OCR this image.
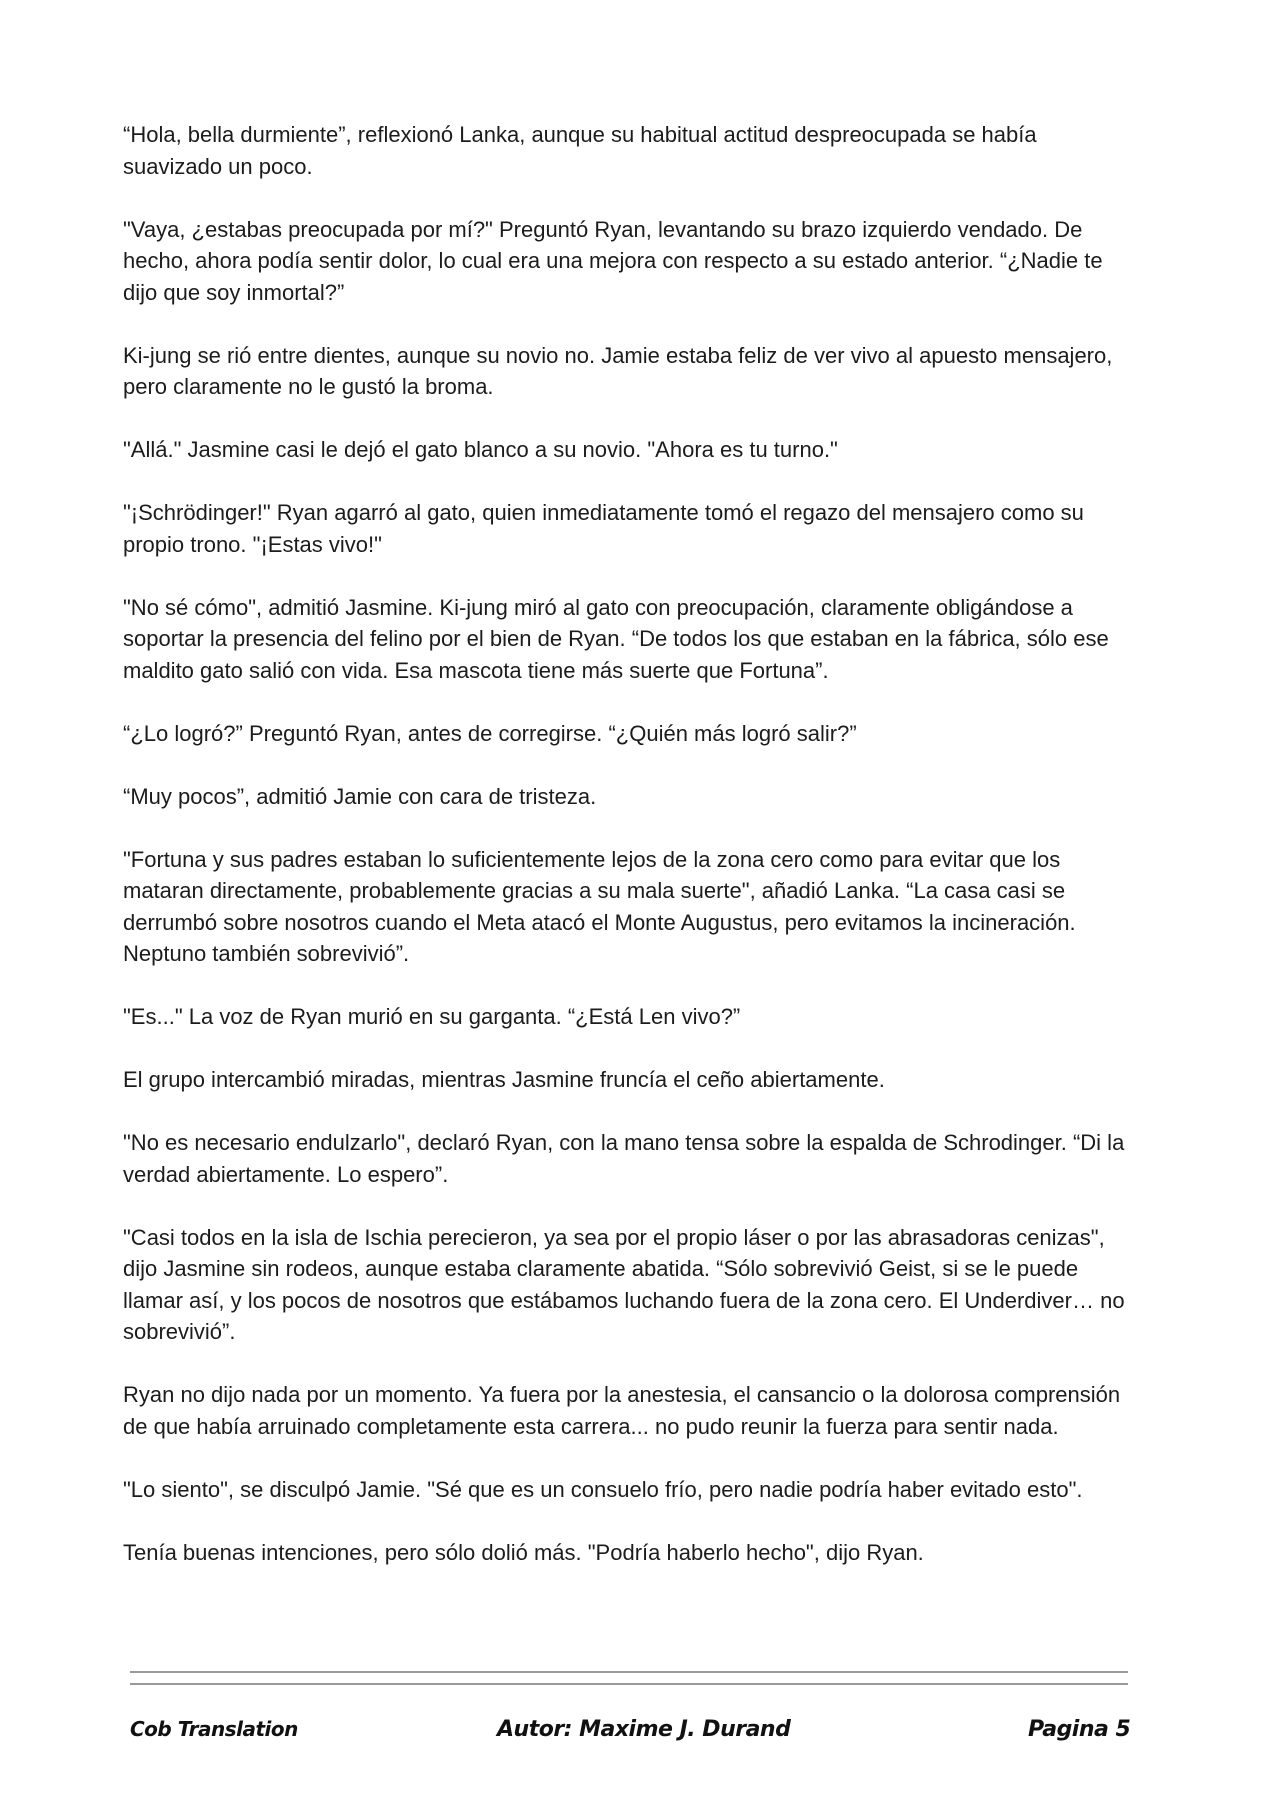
“Hola, bella durmiente”, reflexionó Lanka, aunque su habitual actitud despreocupada se había suavizado un poco.

"Vaya, ¿estabas preocupada por mí?" Preguntó Ryan, levantando su brazo izquierdo vendado. De hecho, ahora podía sentir dolor, lo cual era una mejora con respecto a su estado anterior. “¿Nadie te dijo que soy inmortal?”

Ki-jung se rió entre dientes, aunque su novio no. Jamie estaba feliz de ver vivo al apuesto mensajero, pero claramente no le gustó la broma.

"Allá." Jasmine casi le dejó el gato blanco a su novio. "Ahora es tu turno."

"¡Schrödinger!" Ryan agarró al gato, quien inmediatamente tomó el regazo del mensajero como su propio trono. "¡Estas vivo!"

"No sé cómo", admitió Jasmine. Ki-jung miró al gato con preocupación, claramente obligándose a soportar la presencia del felino por el bien de Ryan. “De todos los que estaban en la fábrica, sólo ese maldito gato salió con vida. Esa mascota tiene más suerte que Fortuna”.

“¿Lo logró?” Preguntó Ryan, antes de corregirse. “¿Quién más logró salir?”

“Muy pocos”, admitió Jamie con cara de tristeza.

"Fortuna y sus padres estaban lo suficientemente lejos de la zona cero como para evitar que los mataran directamente, probablemente gracias a su mala suerte", añadió Lanka. “La casa casi se derrumbó sobre nosotros cuando el Meta atacó el Monte Augustus, pero evitamos la incineración. Neptuno también sobrevivió”.

"Es..." La voz de Ryan murió en su garganta. “¿Está Len vivo?”

El grupo intercambió miradas, mientras Jasmine fruncía el ceño abiertamente.

"No es necesario endulzarlo", declaró Ryan, con la mano tensa sobre la espalda de Schrodinger. “Di la verdad abiertamente. Lo espero”.

"Casi todos en la isla de Ischia perecieron, ya sea por el propio láser o por las abrasadoras cenizas", dijo Jasmine sin rodeos, aunque estaba claramente abatida. “Sólo sobrevivió Geist, si se le puede llamar así, y los pocos de nosotros que estábamos luchando fuera de la zona cero. El Underdiver… no sobrevivió”.

Ryan no dijo nada por un momento. Ya fuera por la anestesia, el cansancio o la dolorosa comprensión de que había arruinado completamente esta carrera... no pudo reunir la fuerza para sentir nada.

"Lo siento", se disculpó Jamie. "Sé que es un consuelo frío, pero nadie podría haber evitado esto".

Tenía buenas intenciones, pero sólo dolió más. "Podría haberlo hecho", dijo Ryan.

Cob Translation	Autor: Maxime J. Durand	Pagina 5
